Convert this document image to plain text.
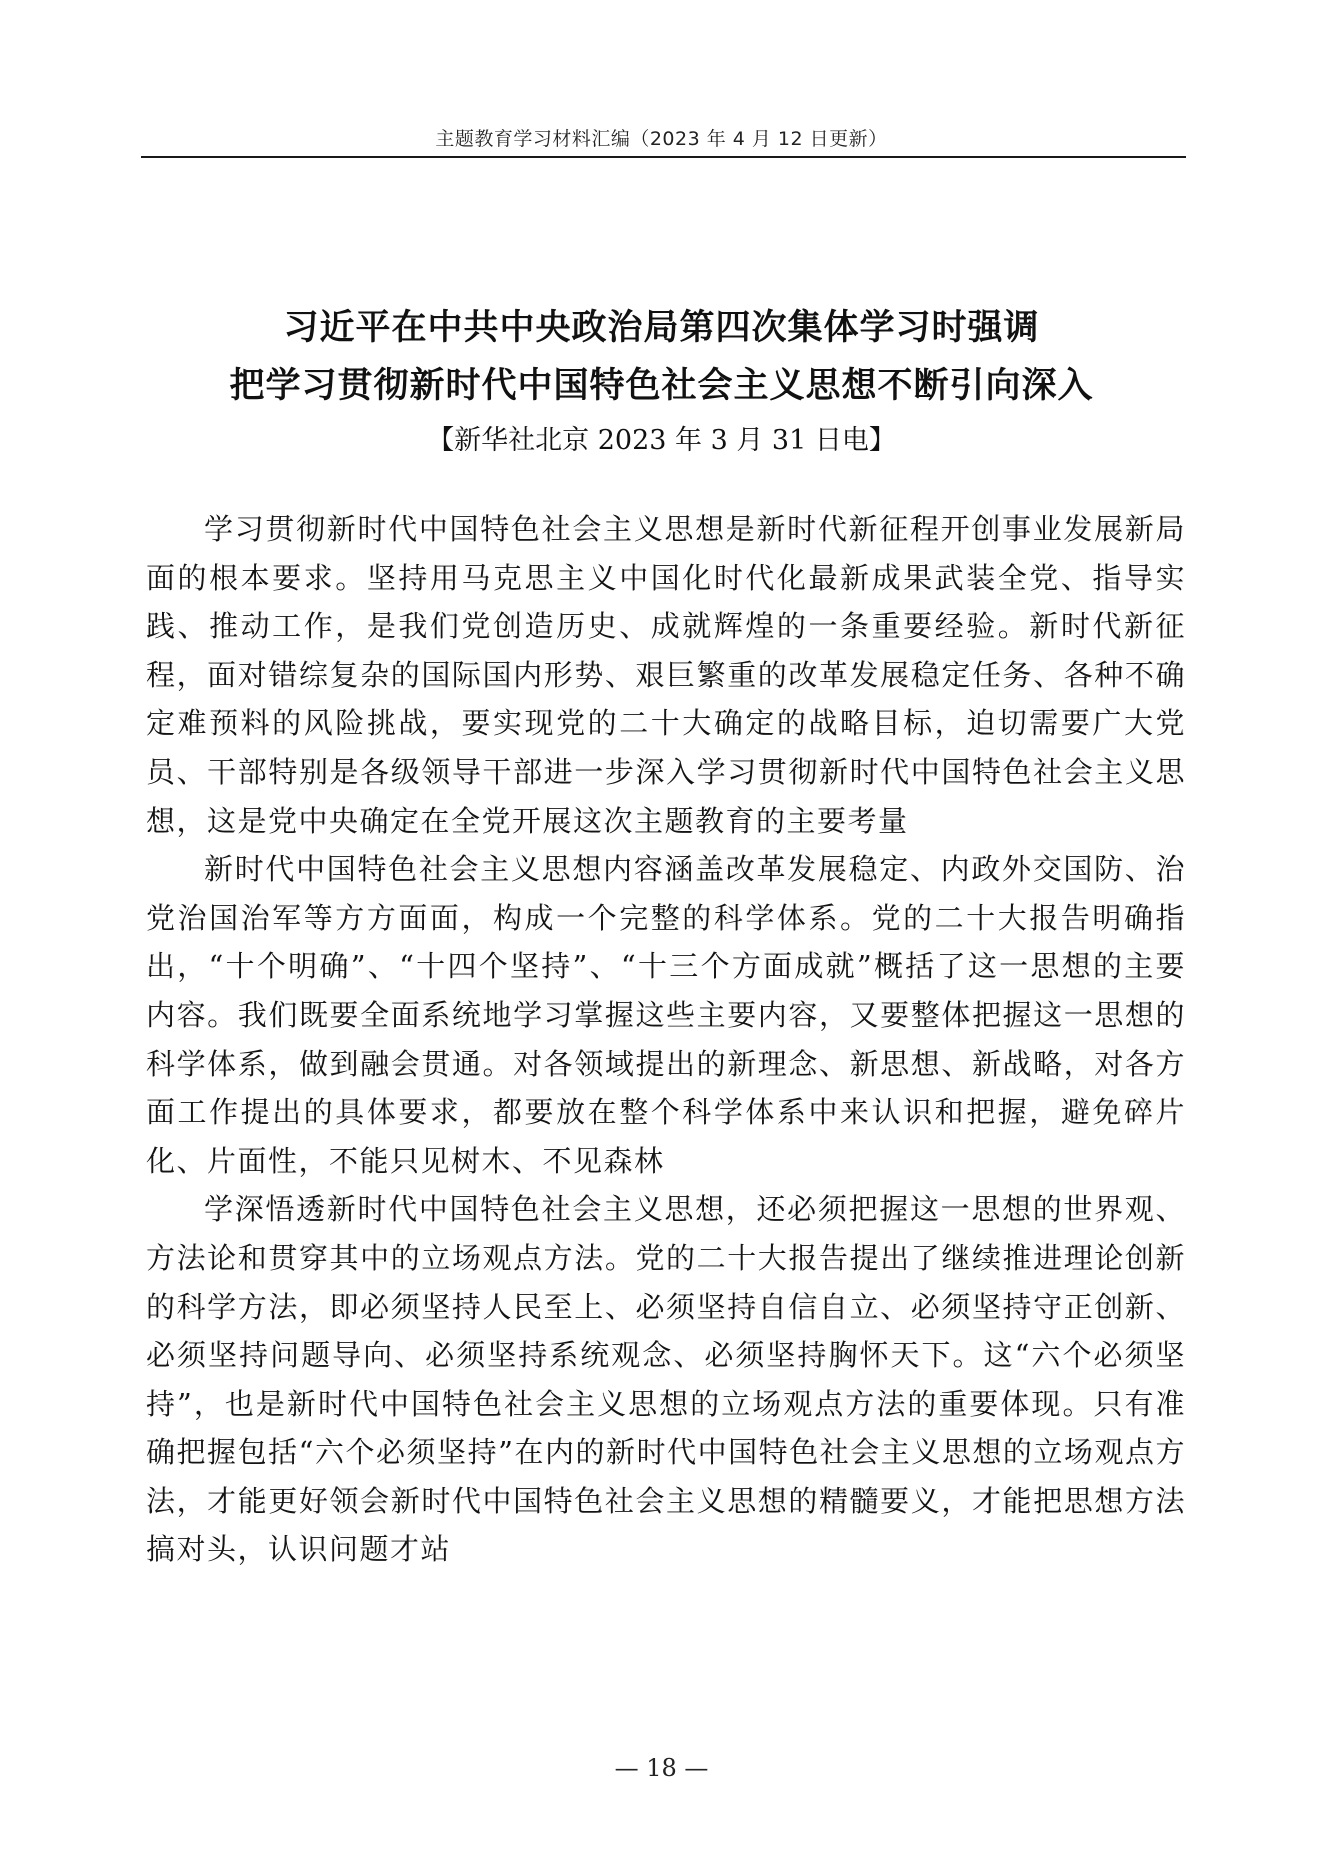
主题教育学习材料汇编（2023 年 4 月 12 日更新）
习近平在中共中央政治局第四次集体学习时强调
把学习贯彻新时代中国特色社会主义思想不断引向深入
【新华社北京 2023 年 3 月 31 日电】

学习贯彻新时代中国特色社会主义思想是新时代新征程开创事业发展新局面的根本要求。坚持用马克思主义中国化时代化最新成果武装全党、指导实践、推动工作，是我们党创造历史、成就辉煌的一条重要经验。新时代新征程，面对错综复杂的国际国内形势、艰巨繁重的改革发展稳定任务、各种不确定难预料的风险挑战，要实现党的二十大确定的战略目标，迫切需要广大党员、干部特别是各级领导干部进一步深入学习贯彻新时代中国特色社会主义思想，这是党中央确定在全党开展这次主题教育的主要考量

新时代中国特色社会主义思想内容涵盖改革发展稳定、内政外交国防、治党治国治军等方方面面，构成一个完整的科学体系。党的二十大报告明确指出，“十个明确”、“十四个坚持”、“十三个方面成就”概括了这一思想的主要内容。我们既要全面系统地学习掌握这些主要内容，又要整体把握这一思想的科学体系，做到融会贯通。对各领域提出的新理念、新思想、新战略，对各方面工作提出的具体要求，都要放在整个科学体系中来认识和把握，避免碎片化、片面性，不能只见树木、不见森林

学深悟透新时代中国特色社会主义思想，还必须把握这一思想的世界观、方法论和贯穿其中的立场观点方法。党的二十大报告提出了继续推进理论创新的科学方法，即必须坚持人民至上、必须坚持自信自立、必须坚持守正创新、必须坚持问题导向、必须坚持系统观念、必须坚持胸怀天下。这“六个必须坚持”，也是新时代中国特色社会主义思想的立场观点方法的重要体现。只有准确把握包括“六个必须坚持”在内的新时代中国特色社会主义思想的立场观点方法，才能更好领会新时代中国特色社会主义思想的精髓要义，才能把思想方法搞对头，认识问题才站

— 18 —
